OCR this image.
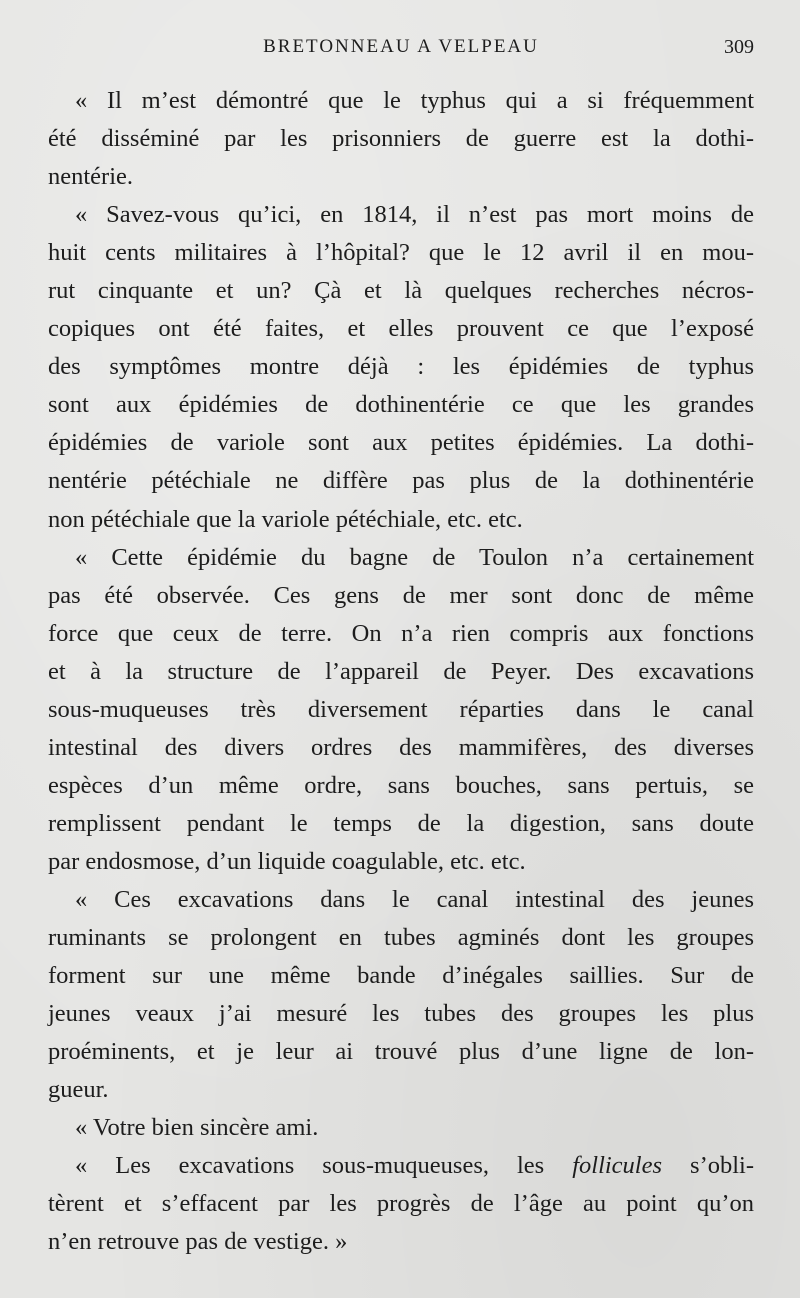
BRETONNEAU A VELPEAU	309
« Il m’est démontré que le typhus qui a si fréquemment
été disséminé par les prisonniers de guerre est la dothi-
nentérie.
« Savez-vous qu’ici, en 1814, il n’est pas mort moins de
huit cents militaires à l’hôpital? que le 12 avril il en mou-
rut cinquante et un? Çà et là quelques recherches nécros-
copiques ont été faites, et elles prouvent ce que l’exposé
des symptômes montre déjà : les épidémies de typhus
sont aux épidémies de dothinentérie ce que les grandes
épidémies de variole sont aux petites épidémies. La dothi-
nentérie pétéchiale ne diffère pas plus de la dothinentérie
non pétéchiale que la variole pétéchiale, etc. etc.
« Cette épidémie du bagne de Toulon n’a certainement
pas été observée. Ces gens de mer sont donc de même
force que ceux de terre. On n’a rien compris aux fonctions
et à la structure de l’appareil de Peyer. Des excavations
sous-muqueuses très diversement réparties dans le canal
intestinal des divers ordres des mammifères, des diverses
espèces d’un même ordre, sans bouches, sans pertuis, se
remplissent pendant le temps de la digestion, sans doute
par endosmose, d’un liquide coagulable, etc. etc.
« Ces excavations dans le canal intestinal des jeunes
ruminants se prolongent en tubes agminés dont les groupes
forment sur une même bande d’inégales saillies. Sur de
jeunes veaux j’ai mesuré les tubes des groupes les plus
proéminents, et je leur ai trouvé plus d’une ligne de lon-
gueur.
« Votre bien sincère ami.
« Les excavations sous-muqueuses, les follicules s’obli-
tèrent et s’effacent par les progrès de l’âge au point qu’on
n’en retrouve pas de vestige. »
